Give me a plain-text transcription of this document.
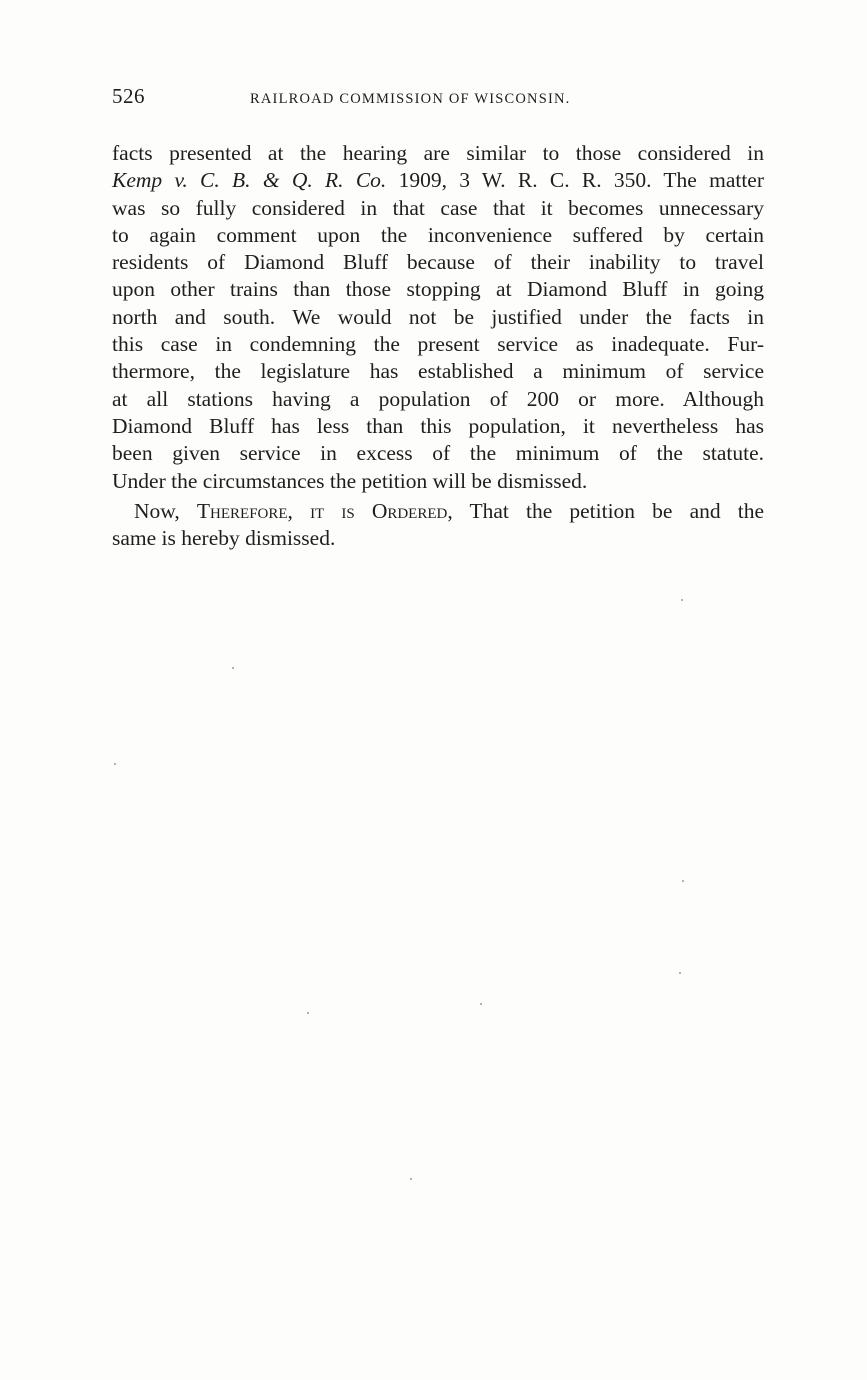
526	RAILROAD COMMISSION OF WISCONSIN.
facts presented at the hearing are similar to those considered in
Kemp v. C. B. & Q. R. Co. 1909, 3 W. R. C. R. 350. The matter
was so fully considered in that case that it becomes unnecessary
to again comment upon the inconvenience suffered by certain
residents of Diamond Bluff because of their inability to travel
upon other trains than those stopping at Diamond Bluff in going
north and south. We would not be justified under the facts in
this case in condemning the present service as inadequate. Fur-
thermore, the legislature has established a minimum of service
at all stations having a population of 200 or more. Although
Diamond Bluff has less than this population, it nevertheless has
been given service in excess of the minimum of the statute.
Under the circumstances the petition will be dismissed.
Now, Therefore, it is Ordered, That the petition be and the
same is hereby dismissed.
